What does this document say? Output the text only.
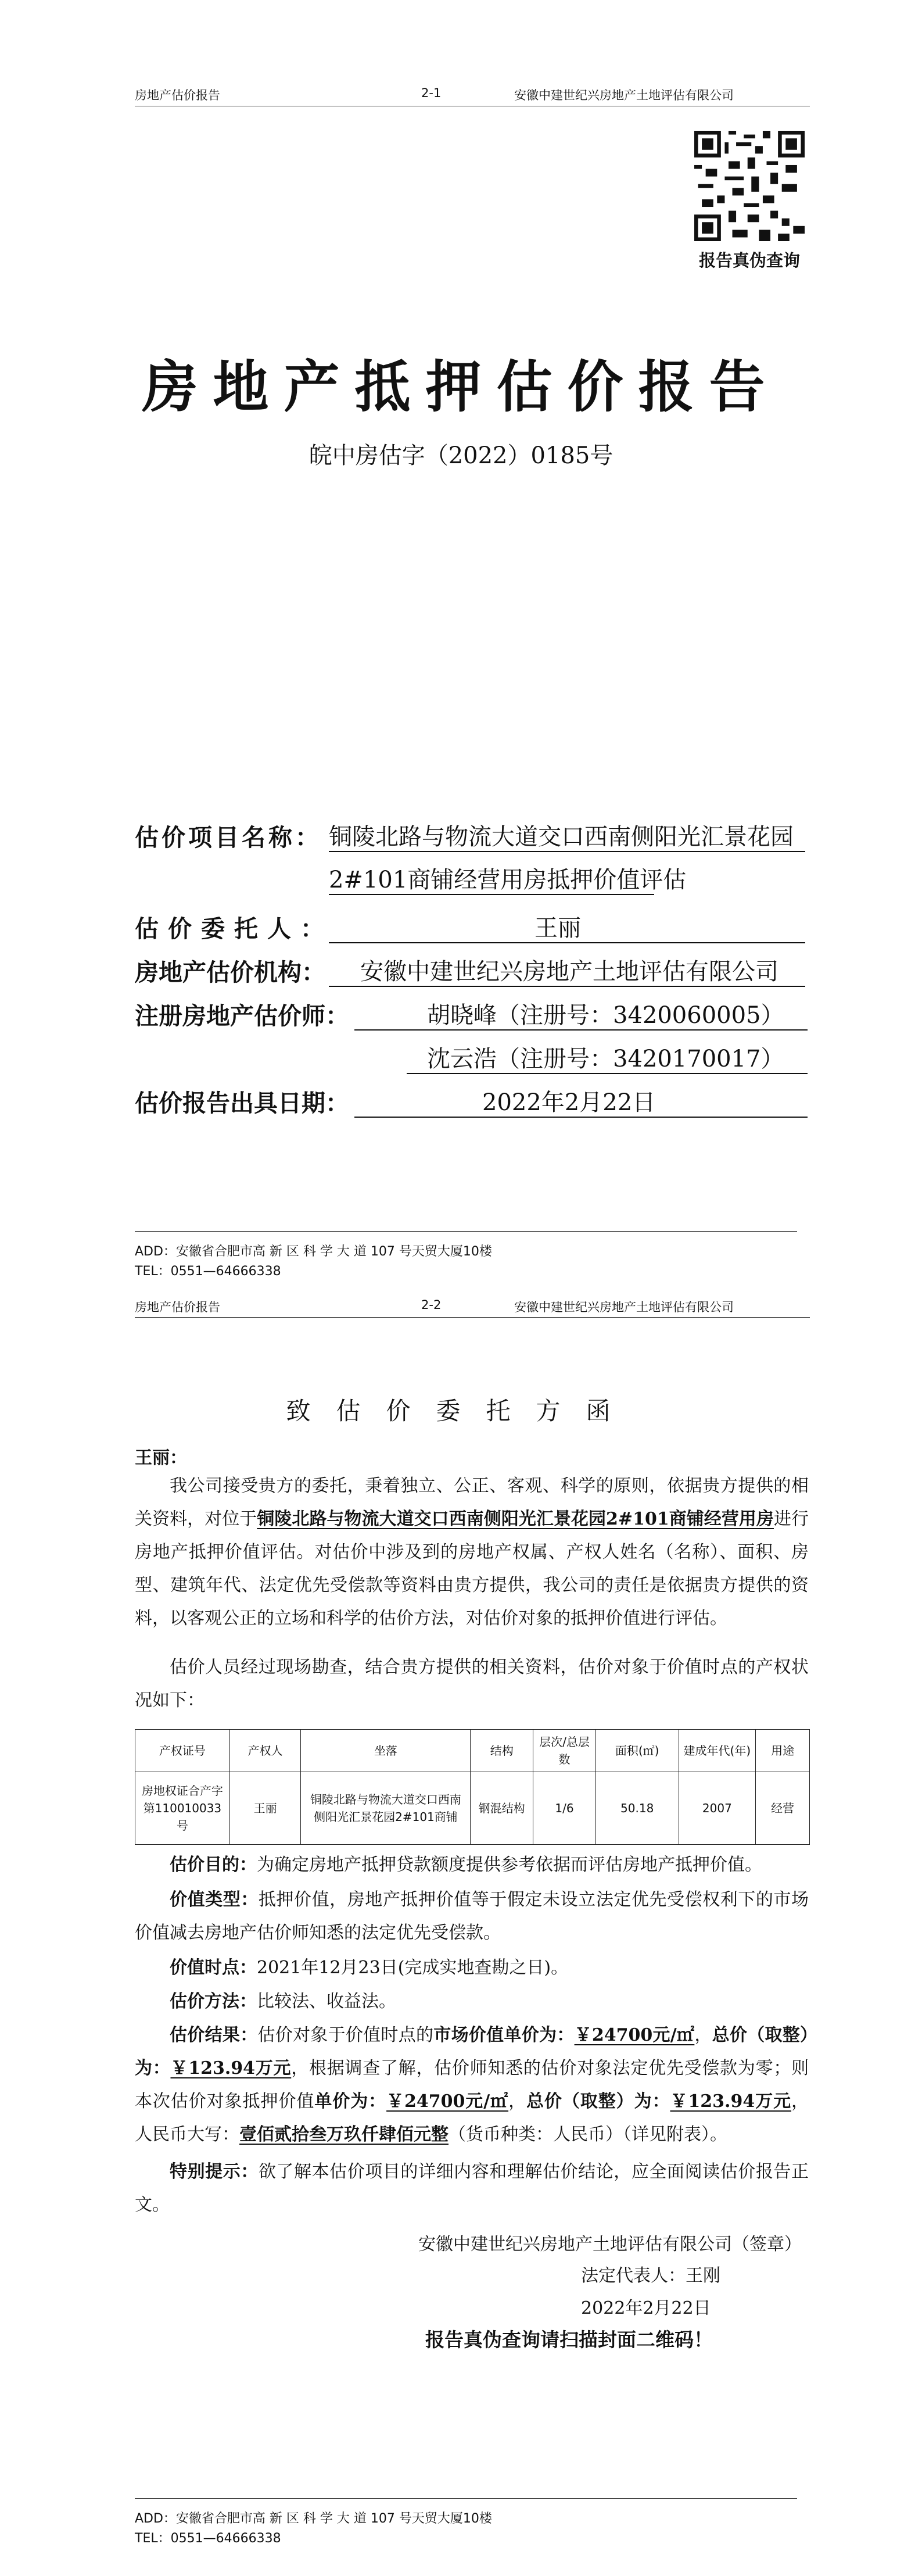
房地产估价报告	2-1	安徽中建世纪兴房地产土地评估有限公司
报告真伪查询
房地产抵押估价报告
皖中房估字（2022）0185号
估价项目名称： 铜陵北路与物流大道交口西南侧阳光汇景花园
2#101商铺经营用房抵押价值评估
估价委托人：	王丽
房地产估价机构： 安徽中建世纪兴房地产土地评估有限公司
注册房地产估价师：	胡晓峰（注册号：3420060005）
沈云浩（注册号：3420170017）
估价报告出具日期：	2022年2月22日
ADD：安徽省合肥市高 新 区 科 学 大 道 107 号天贸大厦10楼
TEL：0551—64666338
房地产估价报告	2-2	安徽中建世纪兴房地产土地评估有限公司
致估价委托方函
王丽：
我公司接受贵方的委托，秉着独立、公正、客观、科学的原则，依据贵方提供的相关资料，对位于铜陵北路与物流大道交口西南侧阳光汇景花园2#101商铺经营用房进行房地产抵押价值评估。对估价中涉及到的房地产权属、产权人姓名（名称）、面积、房型、建筑年代、法定优先受偿款等资料由贵方提供，我公司的责任是依据贵方提供的资料，以客观公正的立场和科学的估价方法，对估价对象的抵押价值进行评估。
估价人员经过现场勘查，结合贵方提供的相关资料，估价对象于价值时点的产权状况如下：
产权证号	产权人	坐落	结构	层次/总层数	面积(㎡)	建成年代(年)	用途
房地权证合产字第110010033号	王丽	铜陵北路与物流大道交口西南侧阳光汇景花园2#101商铺	钢混结构	1/6	50.18	2007	经营
估价目的：为确定房地产抵押贷款额度提供参考依据而评估房地产抵押价值。
价值类型：抵押价值，房地产抵押价值等于假定未设立法定优先受偿权利下的市场价值减去房地产估价师知悉的法定优先受偿款。
价值时点：2021年12月23日(完成实地查勘之日)。
估价方法：比较法、收益法。
估价结果：估价对象于价值时点的市场价值单价为：￥24700元/㎡，总价（取整）为：￥123.94万元，根据调查了解，估价师知悉的估价对象法定优先受偿款为零；则本次估价对象抵押价值单价为：￥24700元/㎡，总价（取整）为：￥123.94万元，人民币大写：壹佰贰拾叁万玖仟肆佰元整（货币种类：人民币）（详见附表）。
特别提示：欲了解本估价项目的详细内容和理解估价结论，应全面阅读估价报告正文。
安徽中建世纪兴房地产土地评估有限公司（签章）
法定代表人：王刚
2022年2月22日
报告真伪查询请扫描封面二维码！
ADD：安徽省合肥市高 新 区 科 学 大 道 107 号天贸大厦10楼
TEL：0551—64666338
